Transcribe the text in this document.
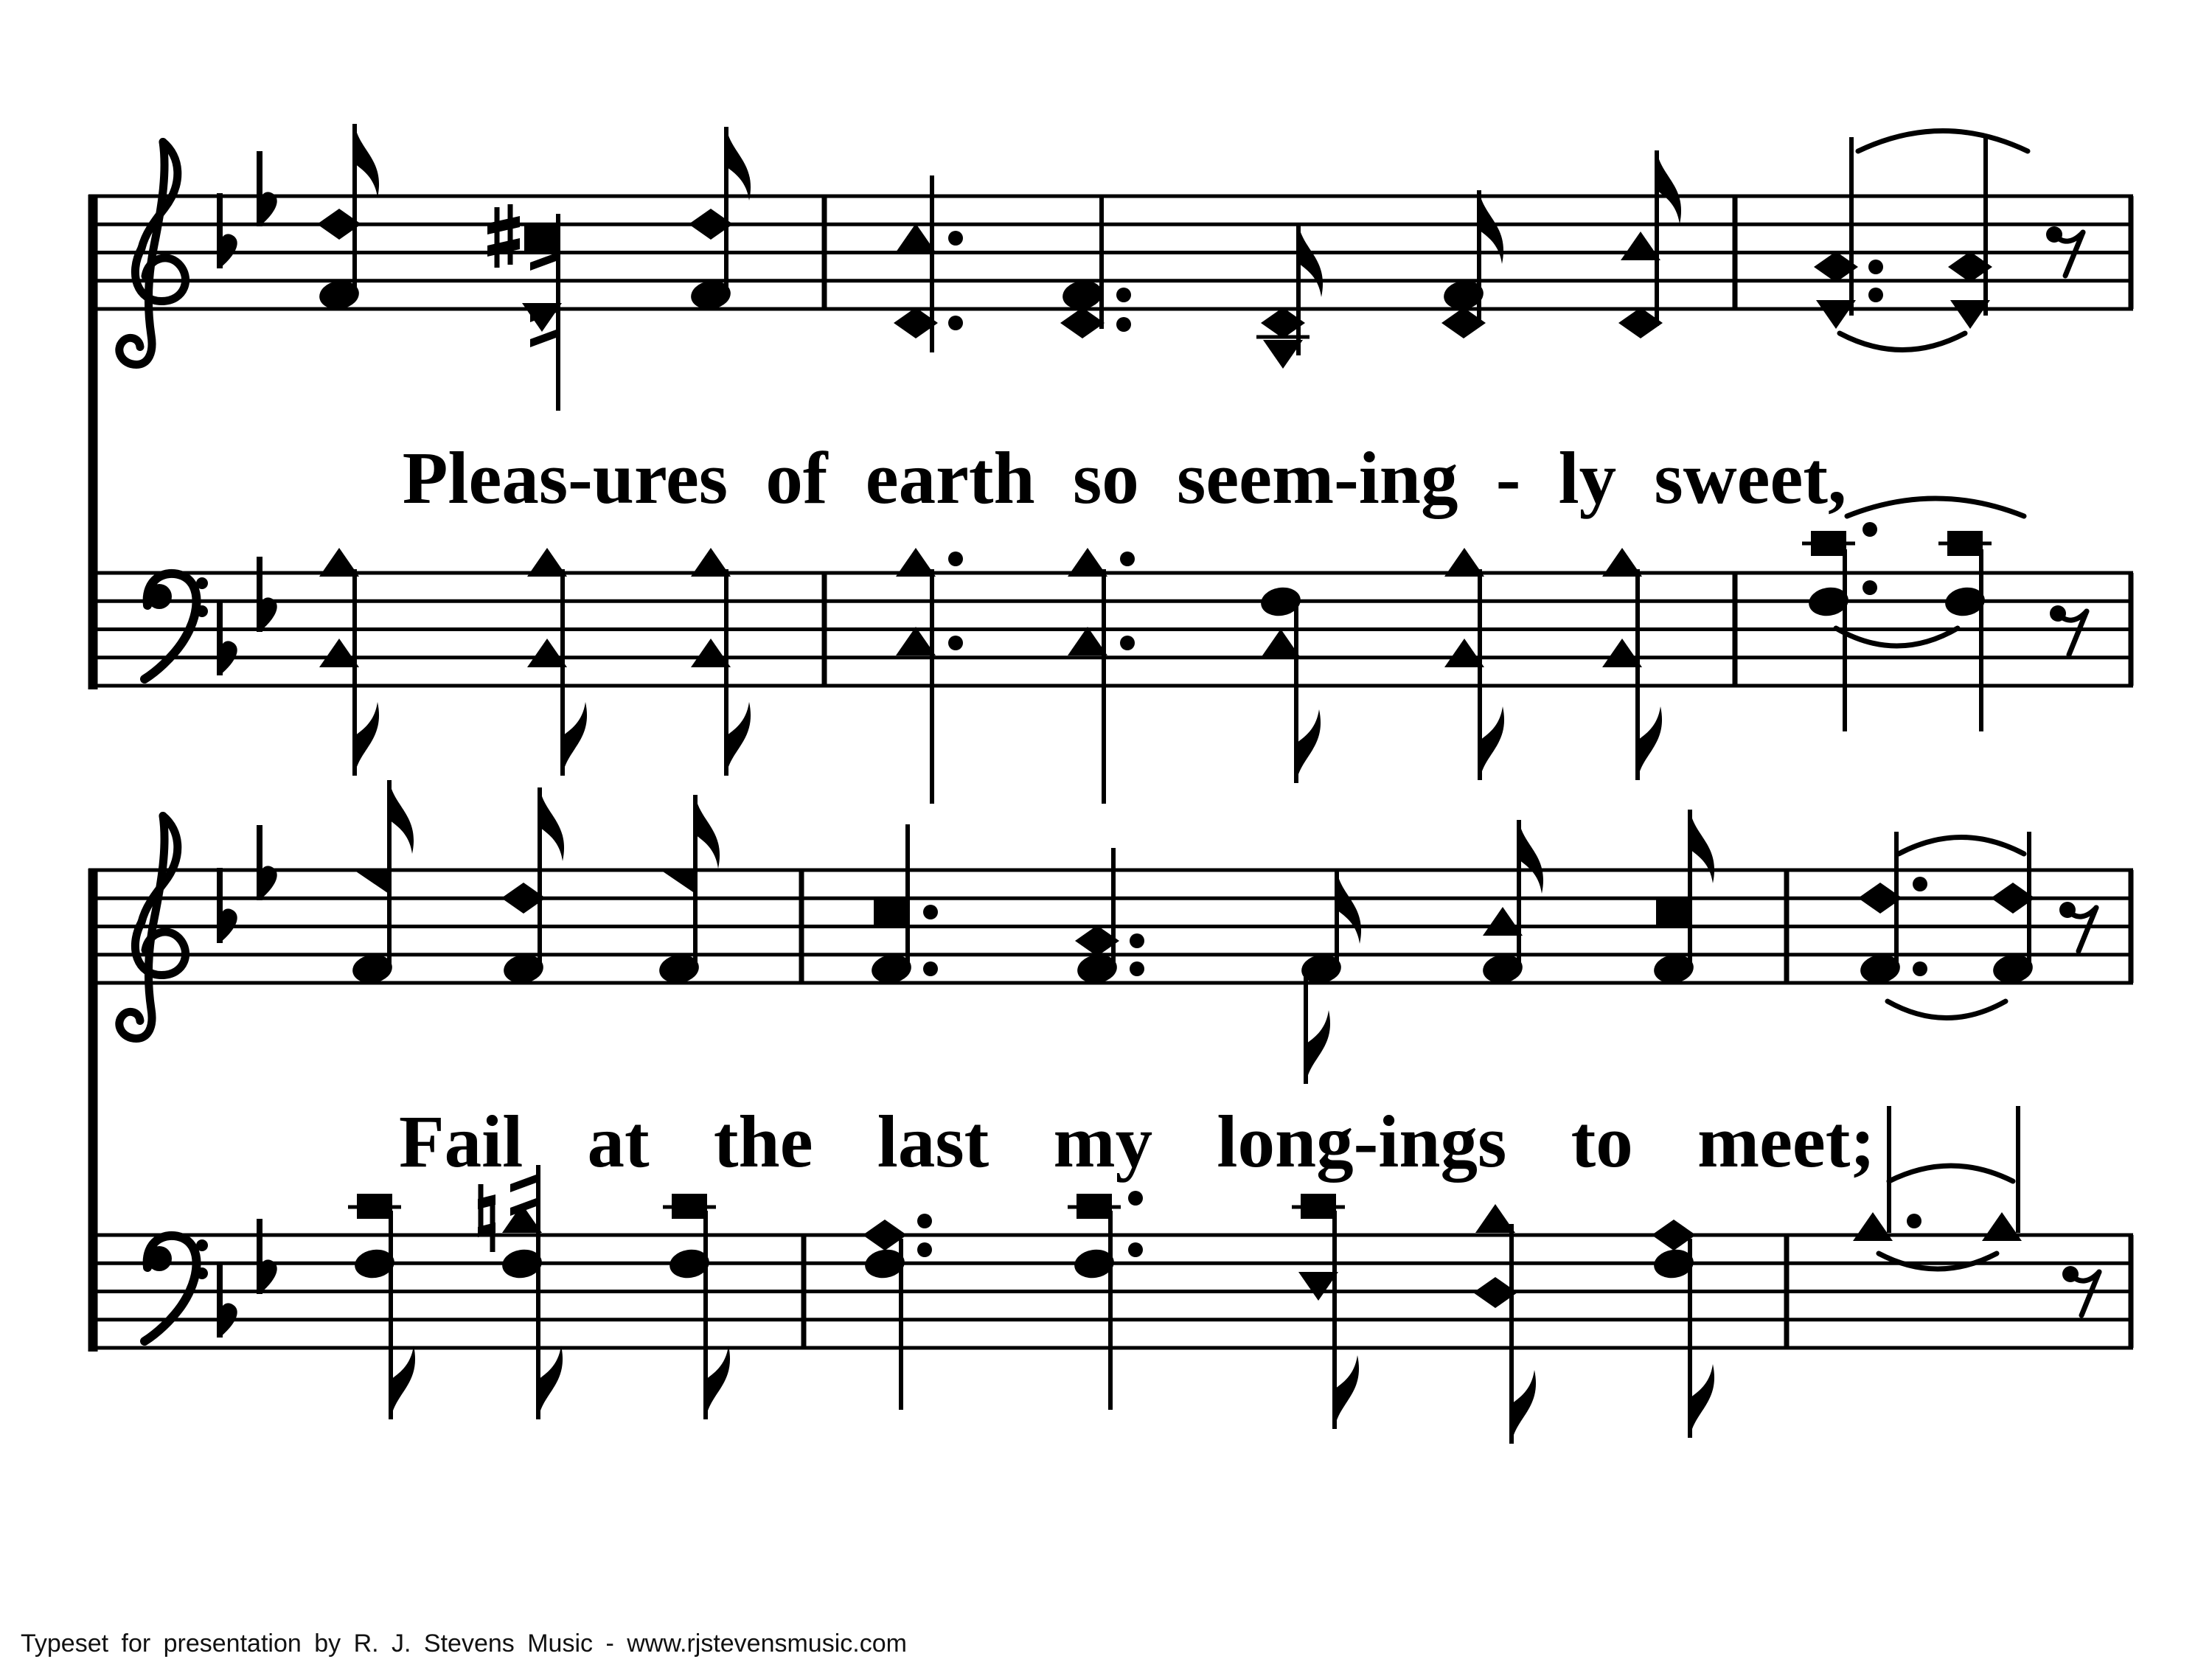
Pleas-ures of earth so seem-ing - ly sweet,
Fail at the last my long-ings to meet;
Typeset for presentation by R. J. Stevens Music - www.rjstevensmusic.com
